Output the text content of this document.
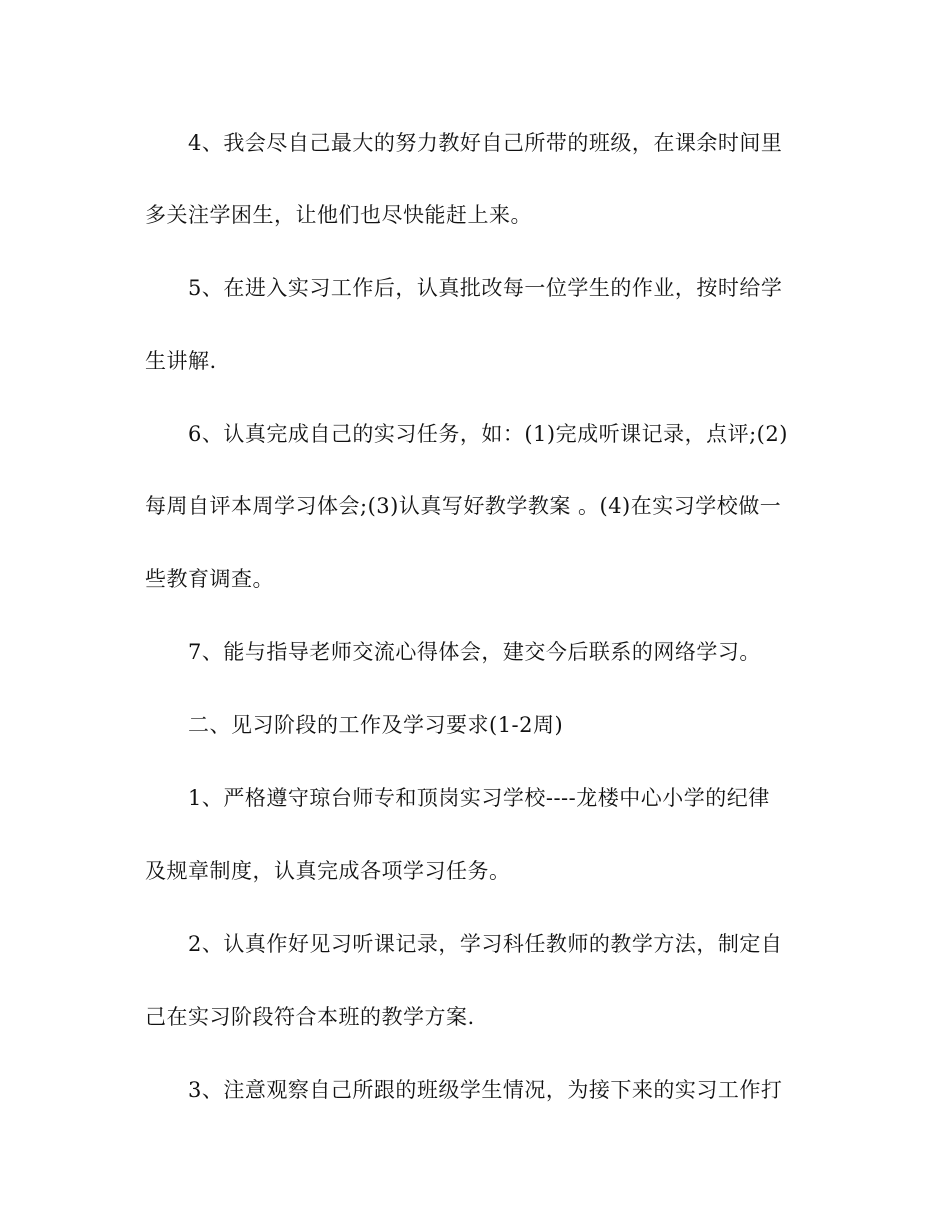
4、我会尽自己最大的努力教好自己所带的班级，在课余时间里
多关注学困生，让他们也尽快能赶上来。
5、在进入实习工作后，认真批改每一位学生的作业，按时给学
生讲解.
6、认真完成自己的实习任务，如：(1)完成听课记录，点评;(2)
每周自评本周学习体会;(3)认真写好教学教案 。(4)在实习学校做一
些教育调查。
7、能与指导老师交流心得体会，建交今后联系的网络学习。
二、见习阶段的工作及学习要求(1-2周)
1、严格遵守琼台师专和顶岗实习学校----龙楼中心小学的纪律
及规章制度，认真完成各项学习任务。
2、认真作好见习听课记录，学习科任教师的教学方法，制定自
己在实习阶段符合本班的教学方案.
3、注意观察自己所跟的班级学生情况，为接下来的实习工作打
